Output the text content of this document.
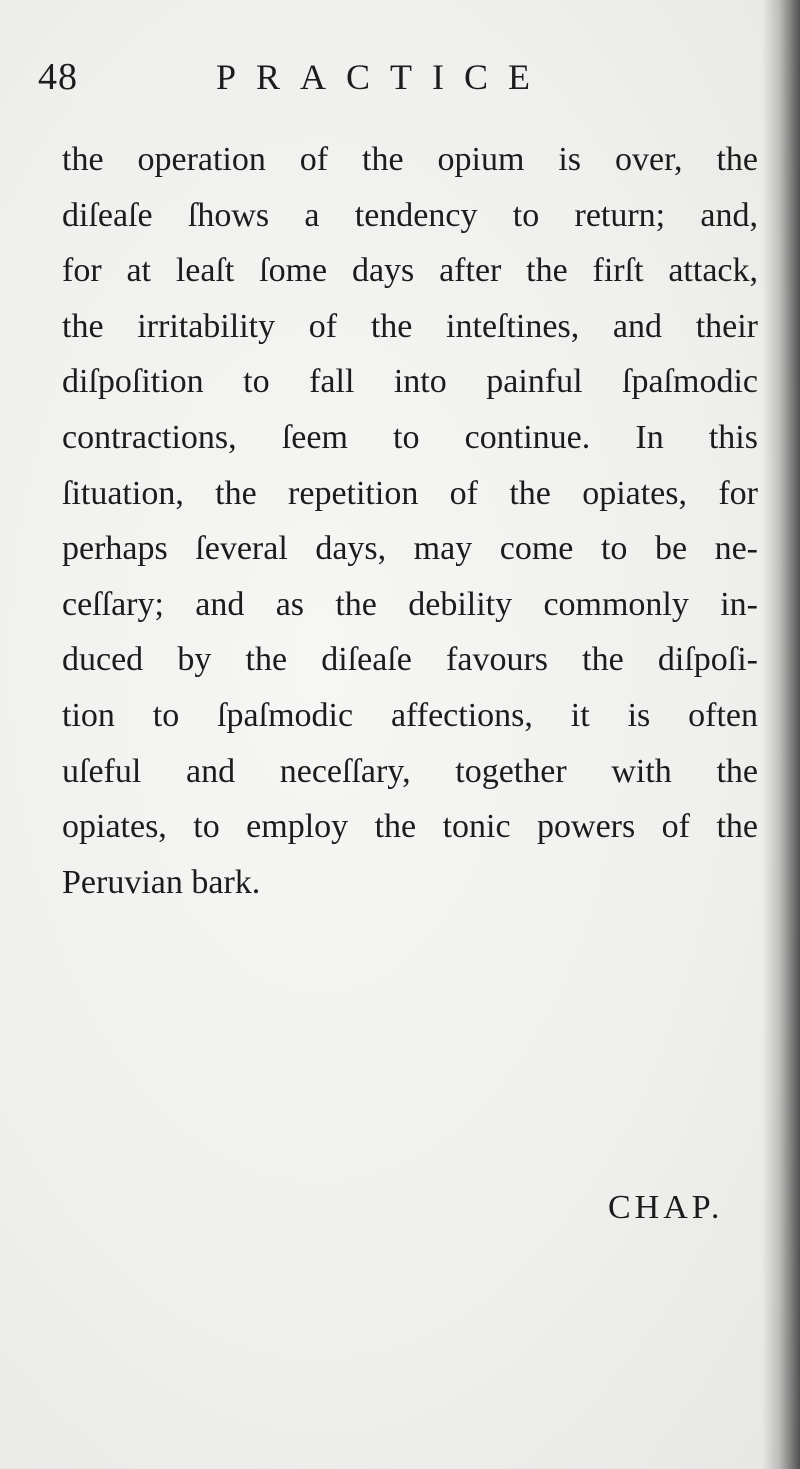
48	PRACTICE
the operation of the opium is over, the
diſeaſe ſhows a tendency to return; and,
for at leaſt ſome days after the firſt attack,
the irritability of the inteſtines, and their
diſpoſition to fall into painful ſpaſmodic
contractions, ſeem to continue. In this
ſituation, the repetition of the opiates, for
perhaps ſeveral days, may come to be ne-
ceſſary; and as the debility commonly in-
duced by the diſeaſe favours the diſpoſi-
tion to ſpaſmodic affections, it is often
uſeful and neceſſary, together with the
opiates, to employ the tonic powers of the
Peruvian bark.
CHAP.
